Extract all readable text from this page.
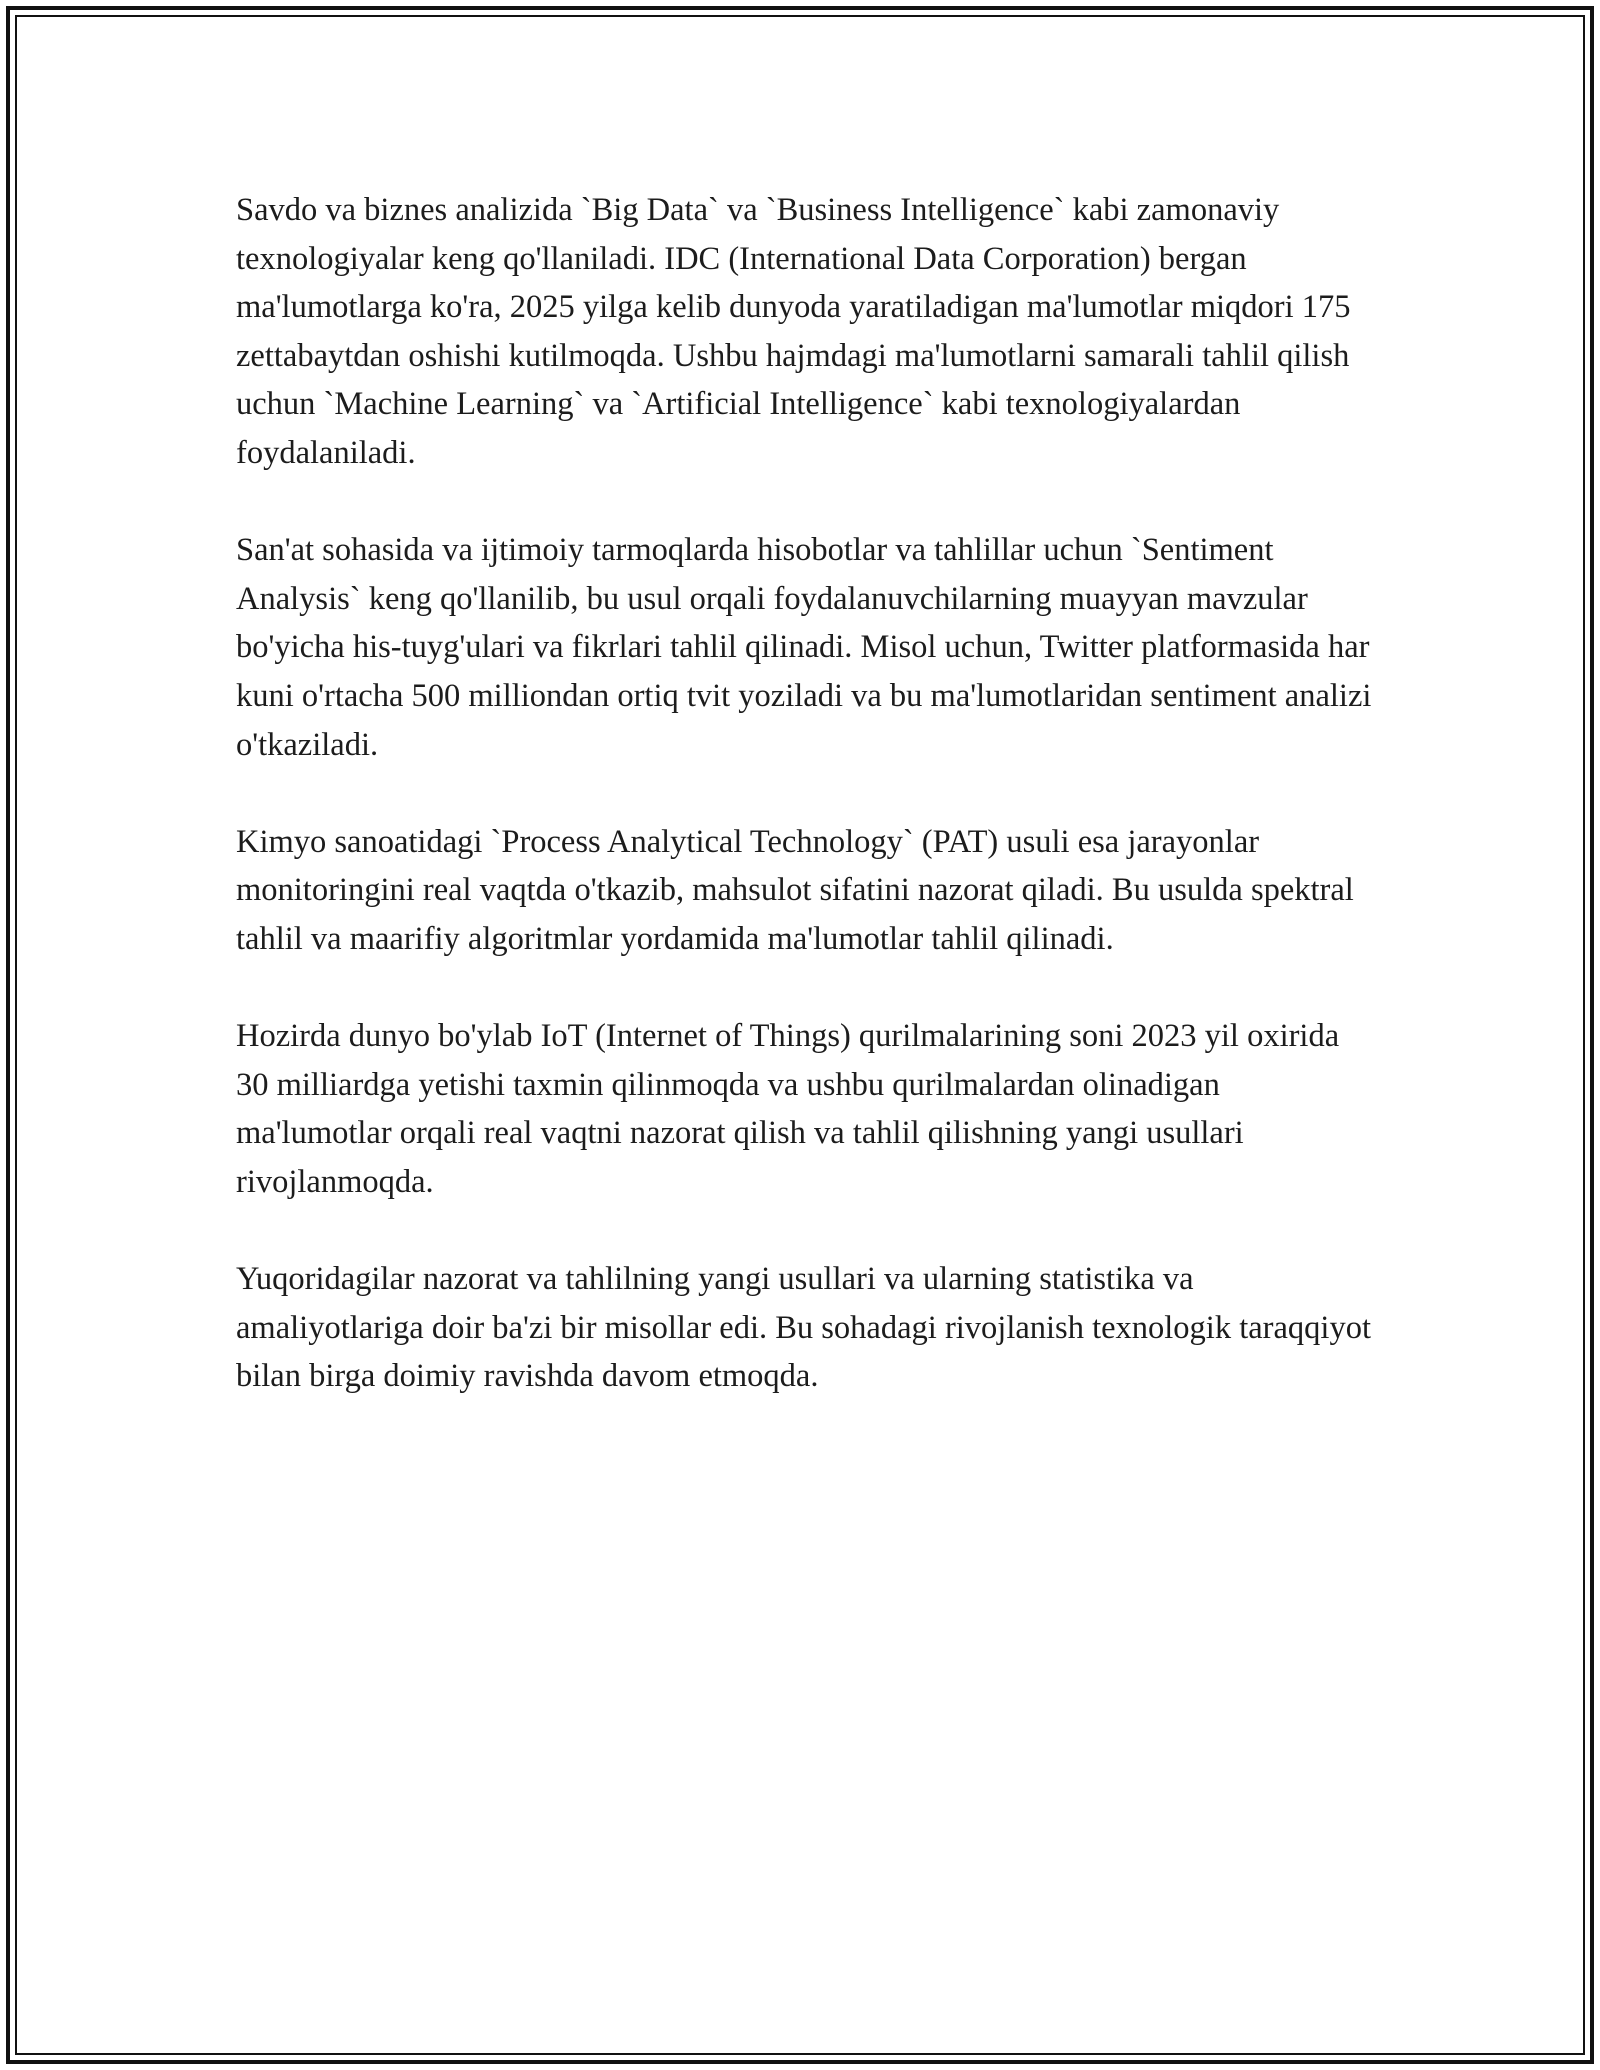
Savdo va biznes analizida `Big Data` va `Business Intelligence` kabi zamonaviy texnologiyalar keng qo'llaniladi. IDC (International Data Corporation) bergan ma'lumotlarga ko'ra, 2025 yilga kelib dunyoda yaratiladigan ma'lumotlar miqdori 175 zettabaytdan oshishi kutilmoqda. Ushbu hajmdagi ma'lumotlarni samarali tahlil qilish uchun `Machine Learning` va `Artificial Intelligence` kabi texnologiyalardan foydalaniladi.

San'at sohasida va ijtimoiy tarmoqlarda hisobotlar va tahlillar uchun `Sentiment Analysis` keng qo'llanilib, bu usul orqali foydalanuvchilarning muayyan mavzular bo'yicha his-tuyg'ulari va fikrlari tahlil qilinadi. Misol uchun, Twitter platformasida har kuni o'rtacha 500 milliondan ortiq tvit yoziladi va bu ma'lumotlaridan sentiment analizi o'tkaziladi.

Kimyo sanoatidagi `Process Analytical Technology` (PAT) usuli esa jarayonlar monitoringini real vaqtda o'tkazib, mahsulot sifatini nazorat qiladi. Bu usulda spektral tahlil va maarifiy algoritmlar yordamida ma'lumotlar tahlil qilinadi.

Hozirda dunyo bo'ylab IoT (Internet of Things) qurilmalarining soni 2023 yil oxirida 30 milliardga yetishi taxmin qilinmoqda va ushbu qurilmalardan olinadigan ma'lumotlar orqali real vaqtni nazorat qilish va tahlil qilishning yangi usullari rivojlanmoqda.

Yuqoridagilar nazorat va tahlilning yangi usullari va ularning statistika va amaliyotlariga doir ba'zi bir misollar edi. Bu sohadagi rivojlanish texnologik taraqqiyot bilan birga doimiy ravishda davom etmoqda.
